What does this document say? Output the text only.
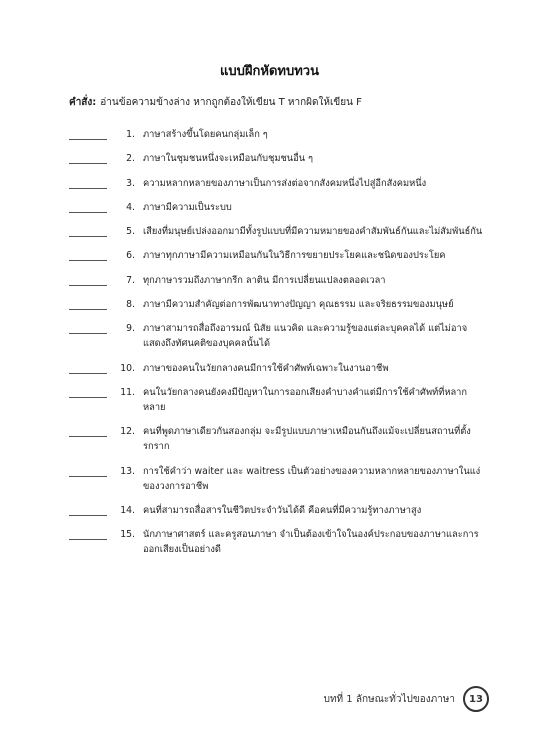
แบบฝึกหัดทบทวน
คำสั่ง: อ่านข้อความข้างล่าง หากถูกต้องให้เขียน T หากผิดให้เขียน F
1. ภาษาสร้างขึ้นโดยคนกลุ่มเล็ก ๆ
2. ภาษาในชุมชนหนึ่งจะเหมือนกับชุมชนอื่น ๆ
3. ความหลากหลายของภาษาเป็นการส่งต่อจากสังคมหนึ่งไปสู่อีกสังคมหนึ่ง
4. ภาษามีความเป็นระบบ
5. เสียงที่มนุษย์เปล่งออกมามีทั้งรูปแบบที่มีความหมายของคำสัมพันธ์กันและไม่สัมพันธ์กัน
6. ภาษาทุกภาษามีความเหมือนกันในวิธีการขยายประโยคและชนิดของประโยค
7. ทุกภาษารวมถึงภาษากรีก ลาติน มีการเปลี่ยนแปลงตลอดเวลา
8. ภาษามีความสำคัญต่อการพัฒนาทางปัญญา คุณธรรม และจริยธรรมของมนุษย์
9. ภาษาสามารถสื่อถึงอารมณ์ นิสัย แนวคิด และความรู้ของแต่ละบุคคลได้ แต่ไม่อาจแสดงถึงทัศนคติของบุคคลนั้นได้
10. ภาษาของคนในวัยกลางคนมีการใช้คำศัพท์เฉพาะในงานอาชีพ
11. คนในวัยกลางคนยังคงมีปัญหาในการออกเสียงคำบางคำแต่มีการใช้คำศัพท์ที่หลากหลาย
12. คนที่พูดภาษาเดียวกันสองกลุ่ม จะมีรูปแบบภาษาเหมือนกันถึงแม้จะเปลี่ยนสถานที่ตั้งรกราก
13. การใช้คำว่า waiter และ waitress เป็นตัวอย่างของความหลากหลายของภาษาในแง่ของวงการอาชีพ
14. คนที่สามารถสื่อสารในชีวิตประจำวันได้ดี คือคนที่มีความรู้ทางภาษาสูง
15. นักภาษาศาสตร์ และครูสอนภาษา จำเป็นต้องเข้าใจในองค์ประกอบของภาษาและการออกเสียงเป็นอย่างดี
บทที่ 1 ลักษณะทั่วไปของภาษา	13
